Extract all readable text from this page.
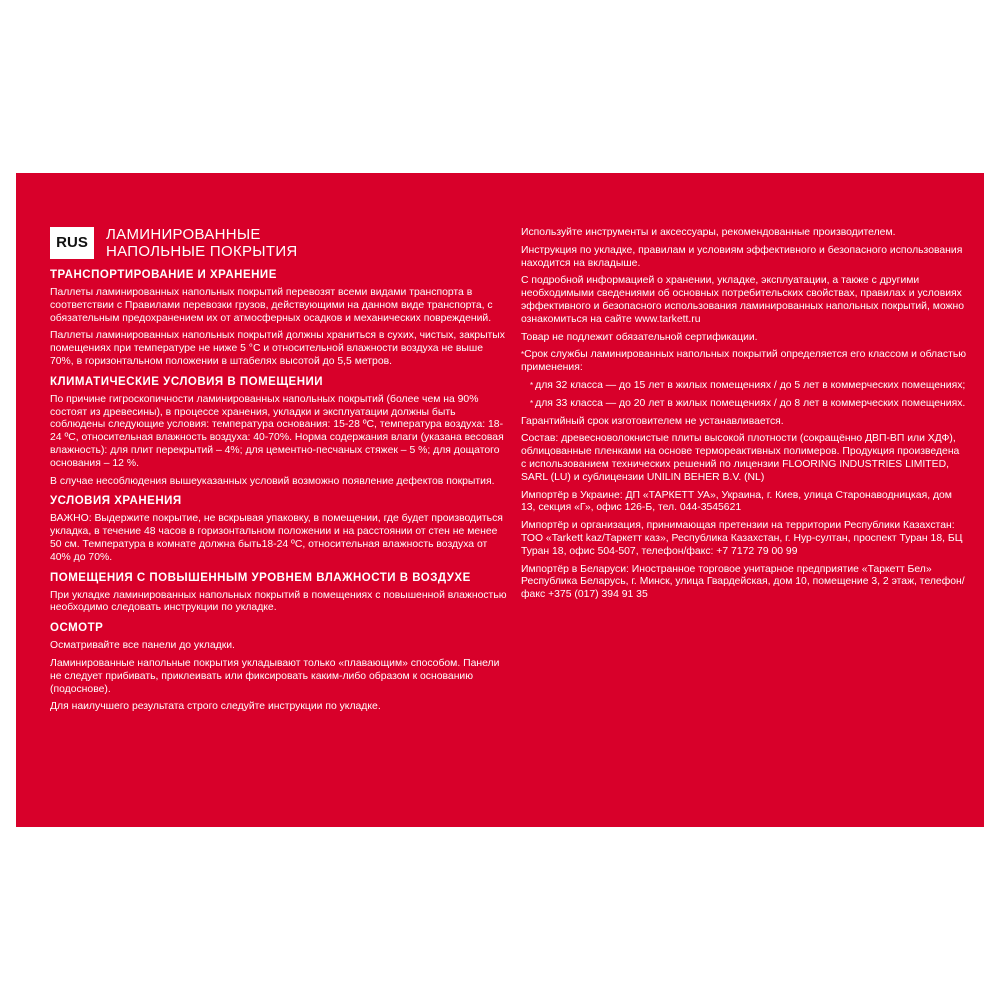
RUS	ЛАМИНИРОВАННЫЕ
НАПОЛЬНЫЕ ПОКРЫТИЯ
ТРАНСПОРТИРОВАНИЕ И ХРАНЕНИЕ

Паллеты ламинированных напольных покрытий перевозят всеми видами транспорта в соответствии с Правилами перевозки грузов, действующими на данном виде транспорта, с обязательным предохранением их от атмосферных осадков и механических повреждений.

Паллеты ламинированных напольных покрытий должны храниться в сухих, чистых, закрытых помещениях при температуре не ниже 5 °С и относительной влажности воздуха не выше 70%, в горизонтальном положении в штабелях высотой до 5,5 метров.

КЛИМАТИЧЕСКИЕ УСЛОВИЯ В ПОМЕЩЕНИИ

По причине гигроскопичности ламинированных напольных покрытий (более чем на 90% состоят из древесины), в процессе хранения, укладки и эксплуатации должны быть соблюдены следующие условия: температура основания: 15-28 ºС, температура воздуха: 18-24 ºС, относительная влажность воздуха: 40-70%. Норма содержания влаги (указана весовая влажность): для плит перекрытий – 4%; для цементно-песчаных стяжек – 5 %; для дощатого основания – 12 %.

В случае несоблюдения вышеуказанных условий возможно появление дефектов покрытия.

УСЛОВИЯ ХРАНЕНИЯ

ВАЖНО: Выдержите покрытие, не вскрывая упаковку, в помещении, где будет производиться укладка, в течение 48 часов в горизонтальном положении и на расстоянии от стен не менее 50 см. Температура в комнате должна быть18-24 ºС, относительная влажность воздуха от 40% до 70%.

ПОМЕЩЕНИЯ С ПОВЫШЕННЫМ УРОВНЕМ ВЛАЖНОСТИ В ВОЗДУХЕ

При укладке ламинированных напольных покрытий в помещениях с повышенной влажностью необходимо следовать инструкции по укладке.

ОСМОТР

Осматривайте все панели до укладки.

Ламинированные напольные покрытия укладывают только «плавающим» способом. Панели не следует прибивать, приклеивать или фиксировать каким-либо образом к основанию (подоснове).

Для наилучшего результата строго следуйте инструкции по укладке.

Используйте инструменты и аксессуары, рекомендованные производителем.

Инструкция по укладке, правилам и условиям эффективного и безопасного использования находится на вкладыше.

С подробной информацией о хранении, укладке, эксплуатации, а также с другими необходимыми сведениями об основных потребительских свойствах, правилах и условиях эффективного и безопасного использования ламинированных напольных покрытий, можно ознакомиться на сайте www.tarkett.ru

Товар не подлежит обязательной сертификации.

*Срок службы ламинированных напольных покрытий определяется его классом и областью применения:

* для 32 класса — до 15 лет в жилых помещениях / до 5 лет в коммерческих помещениях;

* для 33 класса — до 20 лет в жилых помещениях / до 8 лет в коммерческих помещениях.

Гарантийный срок изготовителем не устанавливается.

Состав: древесноволокнистые плиты высокой плотности (сокращённо ДВП-ВП или ХДФ), облицованные пленками на основе термореактивных полимеров. Продукция произведена с использованием технических решений по лицензии FLOORING INDUSTRIES LIMITED, SARL (LU) и сублицензии UNILIN BEHER B.V. (NL)

Импортёр в Украине: ДП «ТАРКЕТТ УА», Украина, г. Киев, улица Старонаводницкая, дом 13, секция «Г», офис 126-Б, тел. 044-3545621

Импортёр и организация, принимающая претензии на территории Республики Казахстан: ТОО «Tarkett kaz/Таркетт каз», Республика Казахстан, г. Нур-султан, проспект Туран 18, БЦ Туран 18, офис 504-507, телефон/факс: +7 7172 79 00 99

Импортёр в Беларуси: Иностранное торговое унитарное предприятие «Таркетт Бел» Республика Беларусь, г. Минск, улица Гвардейская, дом 10, помещение 3, 2 этаж, телефон/факс +375 (017) 394 91 35
